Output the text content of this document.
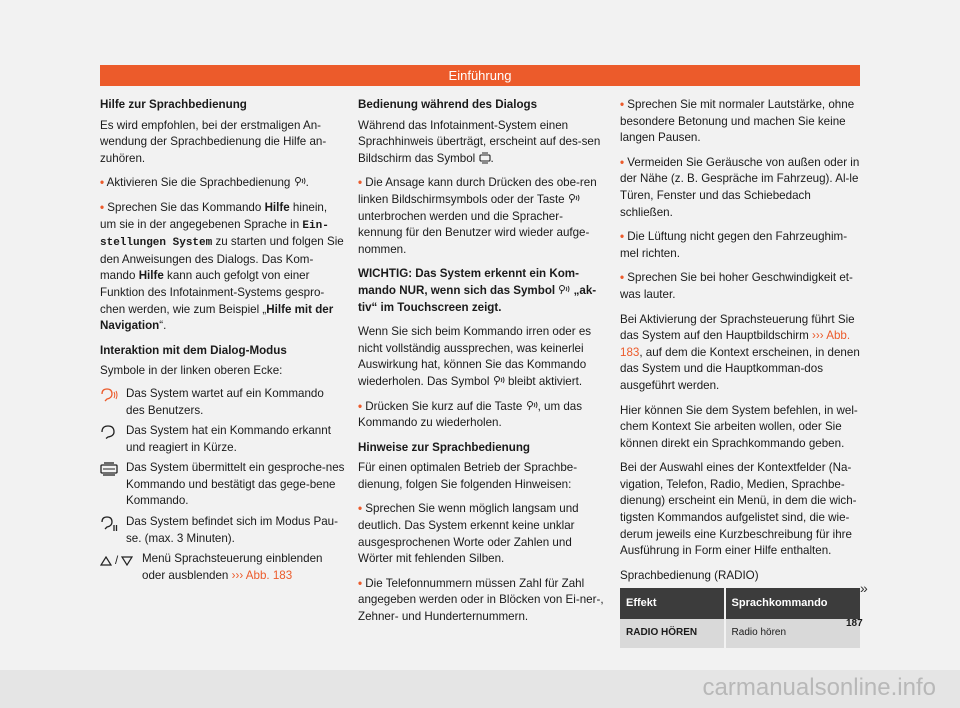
Einführung
Hilfe zur Sprachbedienung

Es wird empfohlen, bei der erstmaligen An-wendung der Sprachbedienung die Hilfe an-zuhören.

• Aktivieren Sie die Sprachbedienung .

• Sprechen Sie das Kommando Hilfe hinein, um sie in der angegebenen Sprache in Ein-stellungen System zu starten und folgen Sie den Anweisungen des Dialogs. Das Kom-mando Hilfe kann auch gefolgt von einer Funktion des Infotainment-Systems gespro-chen werden, wie zum Beispiel „Hilfe mit der Navigation“.

Interaktion mit dem Dialog-Modus

Symbole in der linken oberen Ecke:

Das System wartet auf ein Kommando des Benutzers.
Das System hat ein Kommando erkannt und reagiert in Kürze.
Das System übermittelt ein gesproche-nes Kommando und bestätigt das gege-bene Kommando.
Das System befindet sich im Modus Pau-se. (max. 3 Minuten).
/ Menü Sprachsteuerung einblenden oder ausblenden ››› Abb. 183
Bedienung während des Dialogs

Während das Infotainment-System einen Sprachhinweis überträgt, erscheint auf des-sen Bildschirm das Symbol .

• Die Ansage kann durch Drücken des obe-ren linken Bildschirmsymbols oder der Taste  unterbrochen werden und die Spracher-kennung für den Benutzer wird wieder aufge-nommen.

WICHTIG: Das System erkennt ein Kom-mando NUR, wenn sich das Symbol „ak-tiv“ im Touchscreen zeigt.

Wenn Sie sich beim Kommando irren oder es nicht vollständig aussprechen, was keinerlei Auswirkung hat, können Sie das Kommando wiederholen. Das Symbol bleibt aktiviert.

• Drücken Sie kurz auf die Taste , um das Kommando zu wiederholen.

Hinweise zur Sprachbedienung

Für einen optimalen Betrieb der Sprachbe-dienung, folgen Sie folgenden Hinweisen:

• Sprechen Sie wenn möglich langsam und deutlich. Das System erkennt keine unklar ausgesprochenen Worte oder Zahlen und Wörter mit fehlenden Silben.

• Die Telefonnummern müssen Zahl für Zahl angegeben werden oder in Blöcken von Ei-ner-, Zehner- und Hunderternummern.

• Sprechen Sie mit normaler Lautstärke, ohne besondere Betonung und machen Sie keine langen Pausen.

• Vermeiden Sie Geräusche von außen oder in der Nähe (z. B. Gespräche im Fahrzeug). Al-le Türen, Fenster und das Schiebedach schließen.

• Die Lüftung nicht gegen den Fahrzeughim-mel richten.

• Sprechen Sie bei hoher Geschwindigkeit et-was lauter.

Bei Aktivierung der Sprachsteuerung führt Sie das System auf den Hauptbildschirm ››› Abb. 183, auf dem die Kontext erscheinen, in denen das System und die Hauptkomman-dos ausgeführt werden.

Hier können Sie dem System befehlen, in wel-chem Kontext Sie arbeiten wollen, oder Sie können direkt ein Sprachkommando geben.

Bei der Auswahl eines der Kontextfelder (Na-vigation, Telefon, Radio, Medien, Sprachbe-dienung) erscheint ein Menü, in dem die wich-tigsten Kommandos aufgelistet sind, die wie-derum jeweils eine Kurzbeschreibung für ihre Ausführung in Form einer Hilfe enthalten.

Sprachbedienung (RADIO)
Effekt	Sprachkommando
RADIO HÖREN	Radio hören
»
187
carmanualsonline.info
